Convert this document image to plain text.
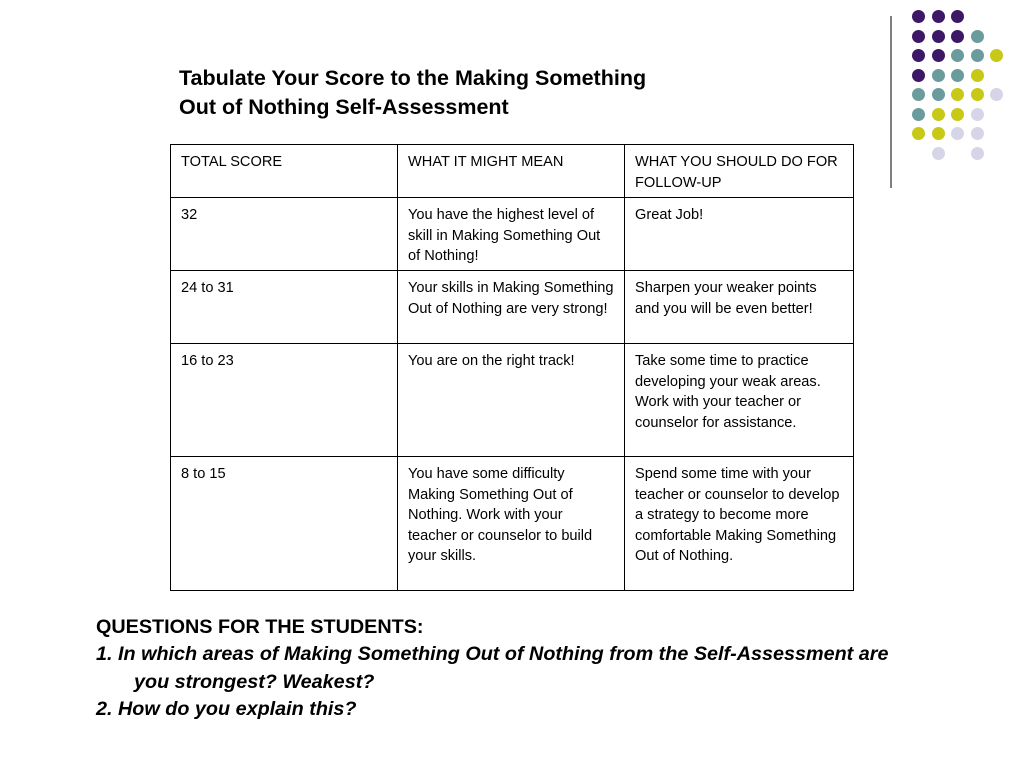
Tabulate Your Score to the Making Something
Out of Nothing Self-Assessment
TOTAL SCORE	WHAT IT MIGHT MEAN	WHAT YOU SHOULD DO FOR FOLLOW-UP
32	You have the highest level of skill in Making Something Out of Nothing!	Great Job!
24 to 31	Your skills in Making Something Out of Nothing are very strong!	Sharpen your weaker points and you will be even better!
16 to 23	You are on the right track!	Take some time to practice developing your weak areas. Work with your teacher or counselor for assistance.
8 to 15	You have some difficulty Making Something Out of Nothing. Work with your teacher or counselor to build your skills.	Spend some time with your teacher or counselor to develop a strategy to become more comfortable Making Something Out of Nothing.
QUESTIONS FOR THE STUDENTS:
1. In which areas of Making Something Out of Nothing from the Self-Assessment are you strongest? Weakest?
2. How do you explain this?
